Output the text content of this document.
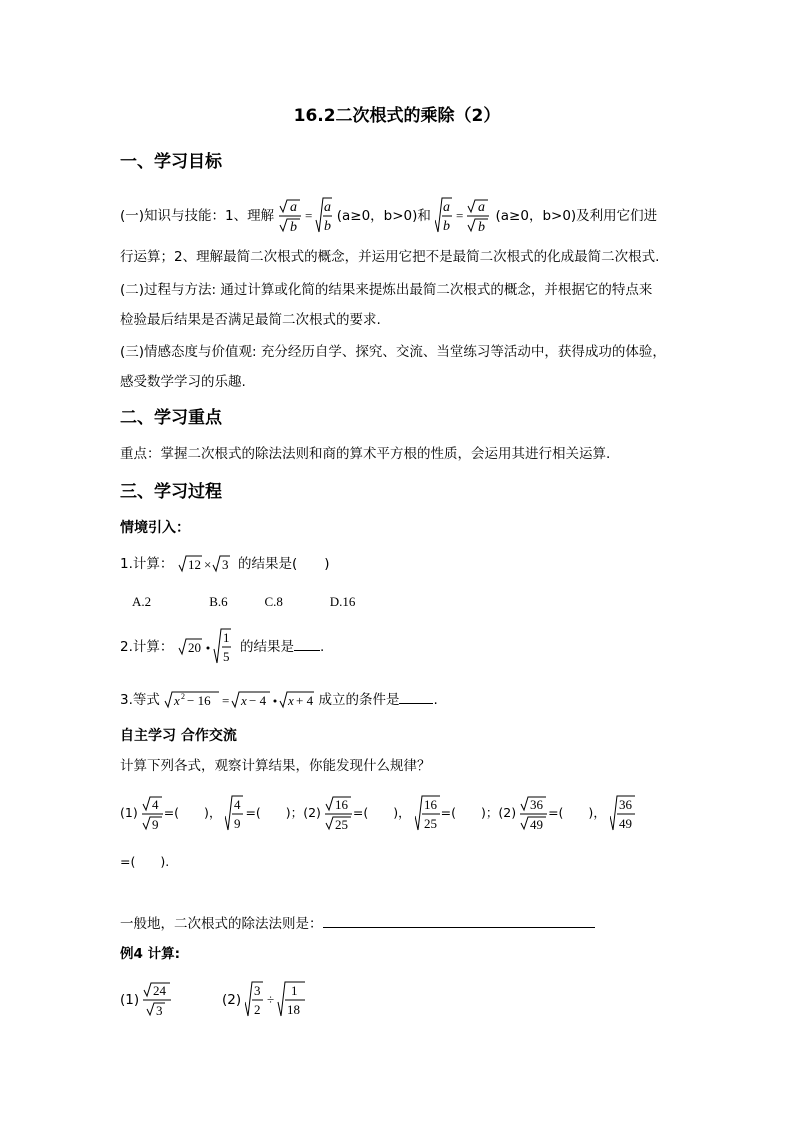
16.2二次根式的乘除（2）
一、学习目标
(一)知识与技能：1、理解
a
b
=
a
b
(a≥0，b>0)和
a
b
=
a
b
(a≥0，b>0)及利用它们进
行运算；2、理解最简二次根式的概念，并运用它把不是最简二次根式的化成最简二次根式.
(二)过程与方法: 通过计算或化简的结果来提炼出最简二次根式的概念，并根据它的特点来
检验最后结果是否满足最简二次根式的要求.
(三)情感态度与价值观: 充分经历自学、探究、交流、当堂练习等活动中，获得成功的体验，
感受数学学习的乐趣.
二、学习重点
重点：掌握二次根式的除法法则和商的算术平方根的性质，会运用其进行相关运算.
三、学习过程
情境引入：
1.计算： 12 × 3 的结果是(　　)
A.2	B.6	C.8	D.16
2.计算： 20
1
5
的结果是 .
3.等式 x 2 − 16 = x − 4 x + 4 成立的条件是	.
自主学习 合作交流
计算下列各式，观察计算结果，你能发现什么规律？
(1)
4
9
=(　　)，
4
9
=(　　)；(2)
16
25
=(　　)，
16
25
=(　　)；(2)
36
49
=(　　)，
36
49
=(　　).
一般地，二次根式的除法法则是：
例4 计算:
(1)
24
3
(2)
3
2
÷
1
18
